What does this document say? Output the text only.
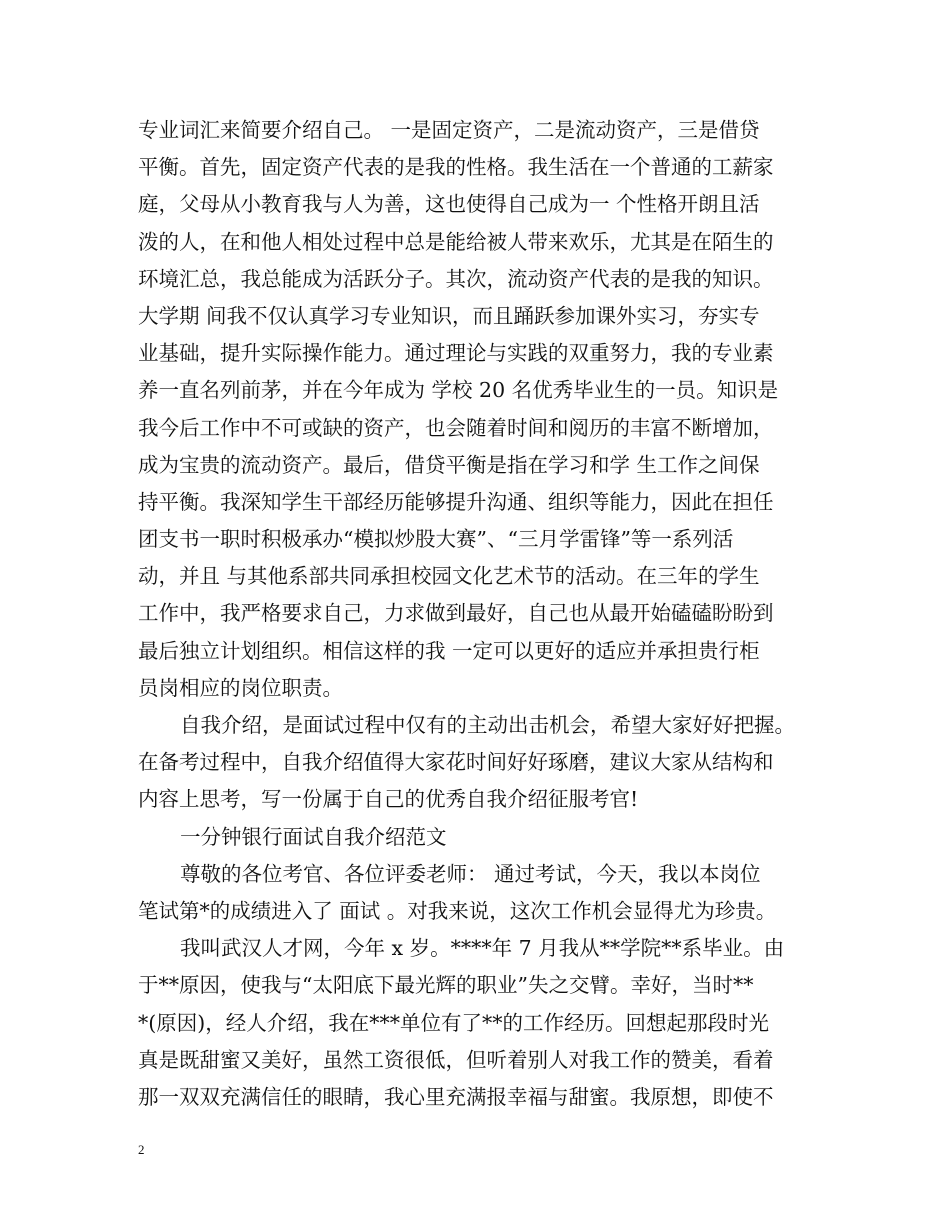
专业词汇来简要介绍自己。 一是固定资产，二是流动资产，三是借贷
平衡。首先，固定资产代表的是我的性格。我生活在一个普通的工薪家
庭，父母从小教育我与人为善，这也使得自己成为一 个性格开朗且活
泼的人，在和他人相处过程中总是能给被人带来欢乐，尤其是在陌生的
环境汇总，我总能成为活跃分子。其次，流动资产代表的是我的知识。
大学期 间我不仅认真学习专业知识，而且踊跃参加课外实习，夯实专
业基础，提升实际操作能力。通过理论与实践的双重努力，我的专业素
养一直名列前茅，并在今年成为 学校 20 名优秀毕业生的一员。知识是
我今后工作中不可或缺的资产，也会随着时间和阅历的丰富不断增加，
成为宝贵的流动资产。最后，借贷平衡是指在学习和学 生工作之间保
持平衡。我深知学生干部经历能够提升沟通、组织等能力，因此在担任
团支书一职时积极承办“模拟炒股大赛”、“三月学雷锋”等一系列活
动，并且 与其他系部共同承担校园文化艺术节的活动。在三年的学生
工作中，我严格要求自己，力求做到最好，自己也从最开始磕磕盼盼到
最后独立计划组织。相信这样的我 一定可以更好的适应并承担贵行柜
员岗相应的岗位职责。
自我介绍，是面试过程中仅有的主动出击机会，希望大家好好把握。
在备考过程中，自我介绍值得大家花时间好好琢磨，建议大家从结构和
内容上思考，写一份属于自己的优秀自我介绍征服考官!
一分钟银行面试自我介绍范文
尊敬的各位考官、各位评委老师： 通过考试，今天，我以本岗位
笔试第*的成绩进入了 面试 。对我来说，这次工作机会显得尤为珍贵。
我叫武汉人才网，今年 x 岁。****年 7 月我从**学院**系毕业。由
于**原因，使我与“太阳底下最光辉的职业”失之交臂。幸好，当时**
*(原因)，经人介绍，我在***单位有了**的工作经历。回想起那段时光
真是既甜蜜又美好，虽然工资很低，但听着别人对我工作的赞美，看着
那一双双充满信任的眼睛，我心里充满报幸福与甜蜜。我原想，即使不
2
